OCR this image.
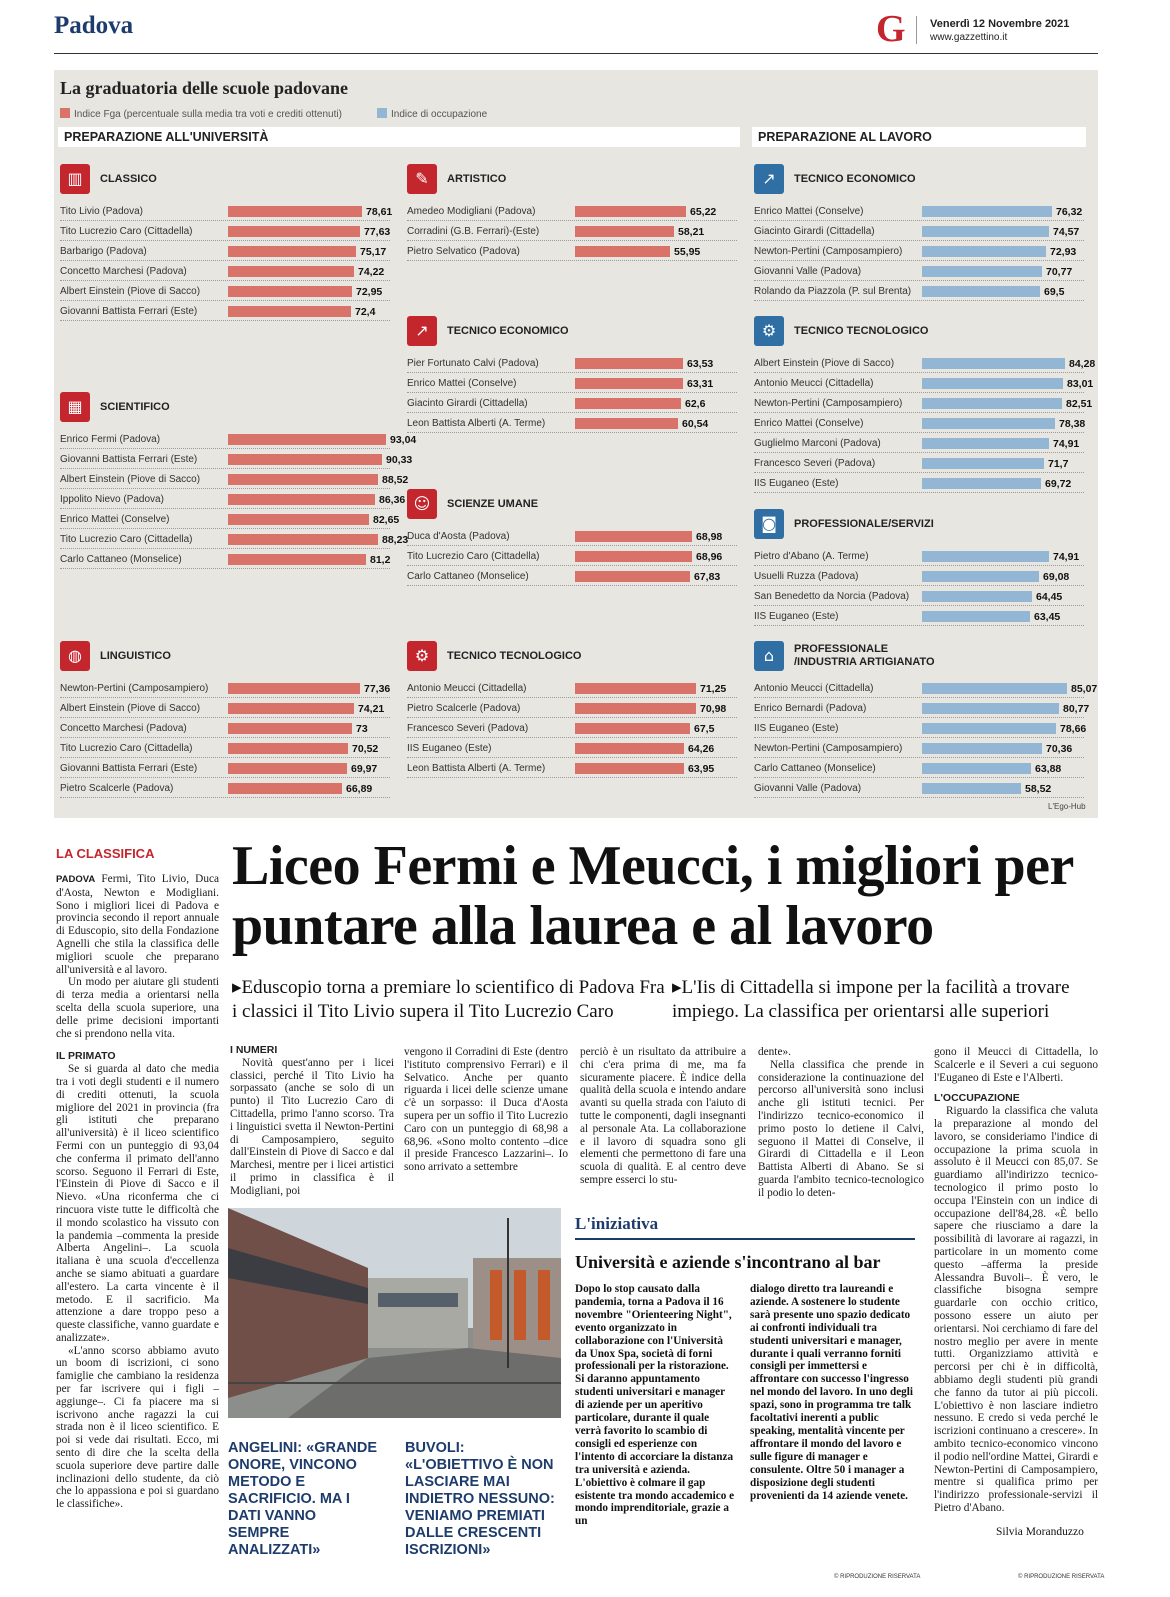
Padova	G	Venerdì 12 Novembre 2021
www.gazzettino.it
La graduatoria delle scuole padovane
Indice Fga (percentuale sulla media tra voti e crediti ottenuti)	Indice di occupazione
PREPARAZIONE ALL'UNIVERSITÀ	PREPARAZIONE AL LAVORO
▥	CLASSICO
Tito Livio (Padova)	78,61
Tito Lucrezio Caro (Cittadella)	77,63
Barbarigo (Padova)	75,17
Concetto Marchesi (Padova)	74,22
Albert Einstein (Piove di Sacco)	72,95
Giovanni Battista Ferrari (Este)	72,4
▦	SCIENTIFICO
Enrico Fermi (Padova)	93,04
Giovanni Battista Ferrari (Este)	90,33
Albert Einstein (Piove di Sacco)	88,52
Ippolito Nievo (Padova)	86,36
Enrico Mattei (Conselve)	82,65
Tito Lucrezio Caro (Cittadella)	88,23
Carlo Cattaneo (Monselice)	81,2
◍	LINGUISTICO
Newton-Pertini (Camposampiero)	77,36
Albert Einstein (Piove di Sacco)	74,21
Concetto Marchesi (Padova)	73
Tito Lucrezio Caro (Cittadella)	70,52
Giovanni Battista Ferrari (Este)	69,97
Pietro Scalcerle (Padova)	66,89
✎	ARTISTICO
Amedeo Modigliani (Padova)	65,22
Corradini (G.B. Ferrari)-(Este)	58,21
Pietro Selvatico (Padova)	55,95
↗	TECNICO ECONOMICO
Pier Fortunato Calvi (Padova)	63,53
Enrico Mattei (Conselve)	63,31
Giacinto Girardi (Cittadella)	62,6
Leon Battista Alberti (A. Terme)	60,54
☺	SCIENZE UMANE
Duca d'Aosta (Padova)	68,98
Tito Lucrezio Caro (Cittadella)	68,96
Carlo Cattaneo (Monselice)	67,83
⚙	TECNICO TECNOLOGICO
Antonio Meucci (Cittadella)	71,25
Pietro Scalcerle (Padova)	70,98
Francesco Severi (Padova)	67,5
IIS Euganeo (Este)	64,26
Leon Battista Alberti (A. Terme)	63,95
↗	TECNICO ECONOMICO
Enrico Mattei (Conselve)	76,32
Giacinto Girardi (Cittadella)	74,57
Newton-Pertini (Camposampiero)	72,93
Giovanni Valle (Padova)	70,77
Rolando da Piazzola (P. sul Brenta)	69,5
⚙	TECNICO TECNOLOGICO
Albert Einstein (Piove di Sacco)	84,28
Antonio Meucci (Cittadella)	83,01
Newton-Pertini (Camposampiero)	82,51
Enrico Mattei (Conselve)	78,38
Guglielmo Marconi (Padova)	74,91
Francesco Severi (Padova)	71,7
IIS Euganeo (Este)	69,72
◙	PROFESSIONALE/SERVIZI
Pietro d'Abano (A. Terme)	74,91
Usuelli Ruzza (Padova)	69,08
San Benedetto da Norcia (Padova)	64,45
IIS Euganeo (Este)	63,45
⌂	PROFESSIONALE
/INDUSTRIA ARTIGIANATO
Antonio Meucci (Cittadella)	85,07
Enrico Bernardi (Padova)	80,77
IIS Euganeo (Este)	78,66
Newton-Pertini (Camposampiero)	70,36
Carlo Cattaneo (Monselice)	63,88
Giovanni Valle (Padova)	58,52
L'Ego-Hub
LA CLASSIFICA Liceo Fermi e Meucci, i migliori per puntare alla laurea e al lavoro
▸Eduscopio torna a premiare lo scientifico di Padova Fra i classici il Tito Livio supera il Tito Lucrezio Caro
▸L'Iis di Cittadella si impone per la facilità a trovare impiego. La classifica per orientarsi alle superiori

PADOVA Fermi, Tito Livio, Duca d'Aosta, Newton e Modigliani. Sono i migliori licei di Padova e provincia secondo il report annuale di Eduscopio, sito della Fondazione Agnelli che stila la classifica delle migliori scuole che preparano all'università e al lavoro.

Un modo per aiutare gli studenti di terza media a orientarsi nella scelta della scuola superiore, una delle prime decisioni importanti che si prendono nella vita.

IL PRIMATO

Se si guarda al dato che media tra i voti degli studenti e il numero di crediti ottenuti, la scuola migliore del 2021 in provincia (fra gli istituti che preparano all'università) è il liceo scientifico Fermi con un punteggio di 93,04 che conferma il primato dell'anno scorso. Seguono il Ferrari di Este, l'Einstein di Piove di Sacco e il Nievo. «Una riconferma che ci rincuora viste tutte le difficoltà che il mondo scolastico ha vissuto con la pandemia –commenta la preside Alberta Angelini–. La scuola italiana è una scuola d'eccellenza anche se siamo abituati a guardare all'estero. La carta vincente è il metodo. E il sacrificio. Ma attenzione a dare troppo peso a queste classifiche, vanno guardate e analizzate».

«L'anno scorso abbiamo avuto un boom di iscrizioni, ci sono famiglie che cambiano la residenza per far iscrivere qui i figli –aggiunge–. Ci fa piacere ma si iscrivono anche ragazzi la cui strada non è il liceo scientifico. E poi si vede dai risultati. Ecco, mi sento di dire che la scelta della scuola superiore deve partire dalle inclinazioni dello studente, da ciò che lo appassiona e poi si guardano le classifiche».

I NUMERI

Novità quest'anno per i licei classici, perché il Tito Livio ha sorpassato (anche se solo di un punto) il Tito Lucrezio Caro di Cittadella, primo l'anno scorso. Tra i linguistici svetta il Newton-Pertini di Camposampiero, seguito dall'Einstein di Piove di Sacco e dal Marchesi, mentre per i licei artistici il primo in classifica è il Modigliani, poi

vengono il Corradini di Este (dentro l'istituto comprensivo Ferrari) e il Selvatico. Anche per quanto riguarda i licei delle scienze umane c'è un sorpasso: il Duca d'Aosta supera per un soffio il Tito Lucrezio Caro con un punteggio di 68,98 a 68,96. «Sono molto contento –dice il preside Francesco Lazzarini–. Io sono arrivato a settembre

perciò è un risultato da attribuire a chi c'era prima di me, ma fa sicuramente piacere. È indice della qualità della scuola e intendo andare avanti su quella strada con l'aiuto di tutte le componenti, dagli insegnanti al personale Ata. La collaborazione e il lavoro di squadra sono gli elementi che permettono di fare una scuola di qualità. E al centro deve sempre esserci lo stu-

dente».

Nella classifica che prende in considerazione la continuazione del percorso all'università sono inclusi anche gli istituti tecnici. Per l'indirizzo tecnico-economico il primo posto lo detiene il Calvi, seguono il Mattei di Conselve, il Girardi di Cittadella e il Leon Battista Alberti di Abano. Se si guarda l'ambito tecnico-tecnologico il podio lo deten-

gono il Meucci di Cittadella, lo Scalcerle e il Severi a cui seguono l'Euganeo di Este e l'Alberti.

L'OCCUPAZIONE

Riguardo la classifica che valuta la preparazione al mondo del lavoro, se consideriamo l'indice di occupazione la prima scuola in assoluto è il Meucci con 85,07. Se guardiamo all'indirizzo tecnico-tecnologico il primo posto lo occupa l'Einstein con un indice di occupazione dell'84,28. «È bello sapere che riusciamo a dare la possibilità di lavorare ai ragazzi, in particolare in un momento come questo –afferma la preside Alessandra Buvoli–. È vero, le classifiche bisogna sempre guardarle con occhio critico, possono essere un aiuto per orientarsi. Noi cerchiamo di fare del nostro meglio per avere in mente tutti. Organizziamo attività e percorsi per chi è in difficoltà, abbiamo degli studenti più grandi che fanno da tutor ai più piccoli. L'obiettivo è non lasciare indietro nessuno. E credo si veda perché le iscrizioni continuano a crescere». In ambito tecnico-economico vincono il podio nell'ordine Mattei, Girardi e Newton-Pertini di Camposampiero, mentre si qualifica primo per l'indirizzo professionale-servizi il Pietro d'Abano.

Silvia Moranduzzo
ANGELINI: «GRANDE ONORE, VINCONO METODO E SACRIFICIO. MA I DATI VANNO SEMPRE ANALIZZATI»
BUVOLI: «L'OBIETTIVO È NON LASCIARE MAI INDIETRO NESSUNO: VENIAMO PREMIATI DALLE CRESCENTI ISCRIZIONI»
L'iniziativa
Università e aziende s'incontrano al bar
Dopo lo stop causato dalla pandemia, torna a Padova il 16 novembre "Orienteering Night", evento organizzato in collaborazione con l'Università da Unox Spa, società di forni professionali per la ristorazione. Si daranno appuntamento studenti universitari e manager di aziende per un aperitivo particolare, durante il quale verrà favorito lo scambio di consigli ed esperienze con l'intento di accorciare la distanza tra università e azienda. L'obiettivo è colmare il gap esistente tra mondo accademico e mondo imprenditoriale, grazie a un
dialogo diretto tra laureandi e aziende. A sostenere lo studente sarà presente uno spazio dedicato ai confronti individuali tra studenti universitari e manager, durante i quali verranno forniti consigli per immettersi e affrontare con successo l'ingresso nel mondo del lavoro. In uno degli spazi, sono in programma tre talk facoltativi inerenti a public speaking, mentalità vincente per affrontare il mondo del lavoro e sulle figure di manager e consulente. Oltre 50 i manager a disposizione degli studenti provenienti da 14 aziende venete.
© RIPRODUZIONE RISERVATA	© RIPRODUZIONE RISERVATA
